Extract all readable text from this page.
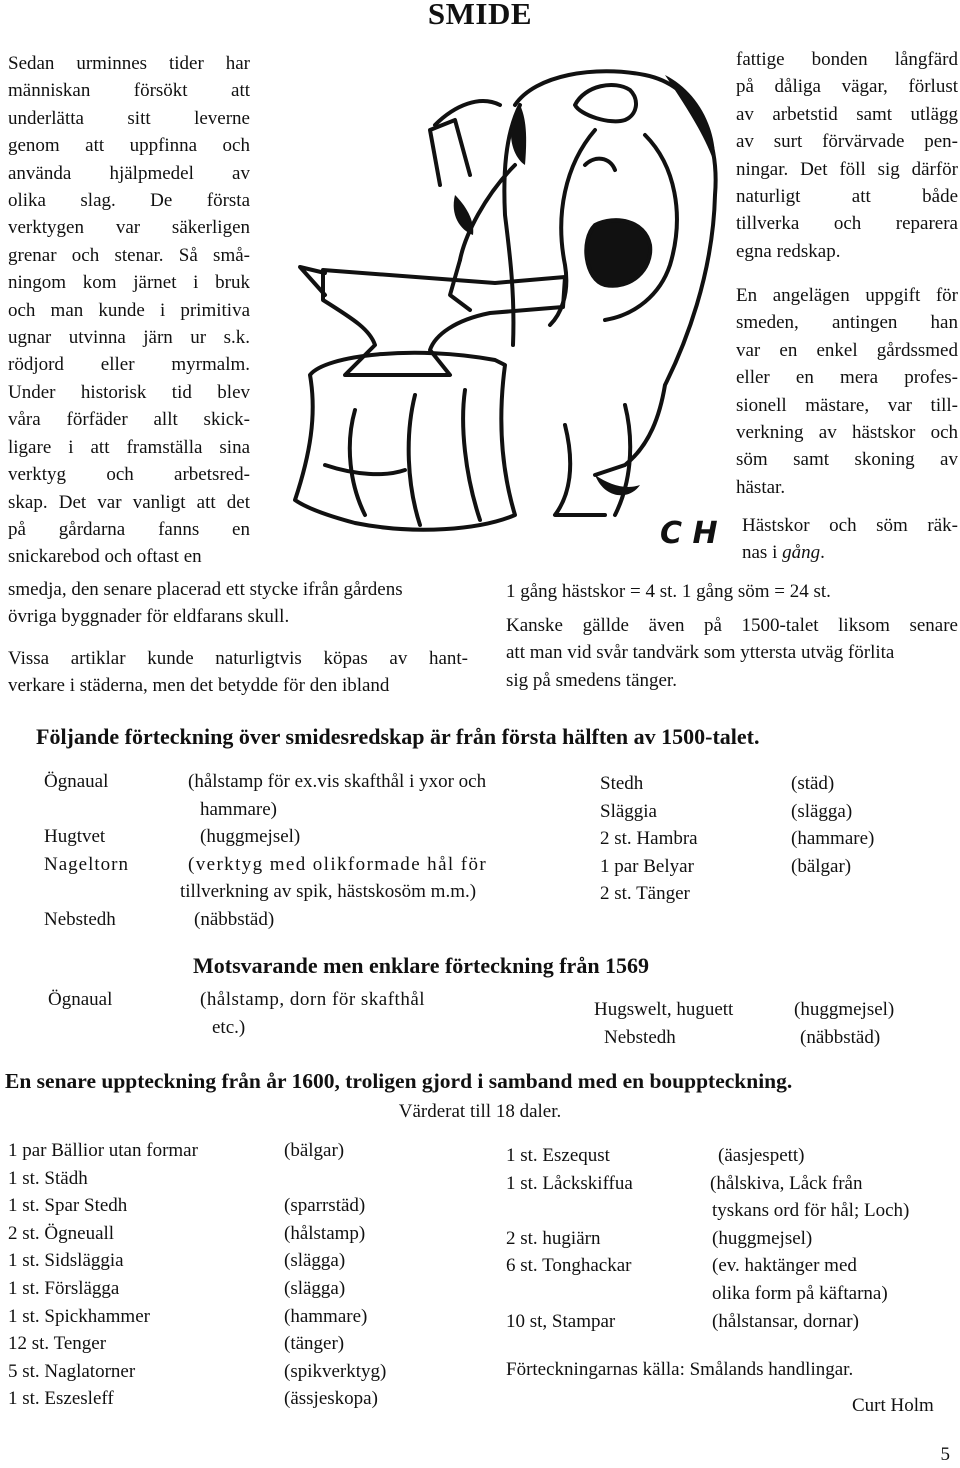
SMIDE
Sedan urminnes tider har
människan försökt att
underlätta sitt leverne
genom att uppfinna och
använda hjälpmedel av
olika slag. De första
verktygen var säkerligen
grenar och stenar. Så små-
ningom kom järnet i bruk
och man kunde i primitiva
ugnar utvinna järn ur s.k.
rödjord eller myrmalm.
Under historisk tid blev
våra förfäder allt skick-
ligare i att framställa sina
verktyg och arbetsred-
skap. Det var vanligt att det
på gårdarna fanns en
snickarebod och oftast en
smedja, den senare placerad ett stycke ifrån gårdens
övriga byggnader för eldfarans skull.
Vissa artiklar kunde naturligtvis köpas av hant-
verkare i städerna, men det betydde för den ibland
C H
fattige bonden långfärd
på dåliga vägar, förlust
av arbetstid samt utlägg
av surt förvärvade pen-
ningar. Det föll sig därför
naturligt att både
tillverka och reparera
egna redskap.
En angelägen uppgift för
smeden, antingen han
var en enkel gårdssmed
eller en mera profes-
sionell mästare, var till-
verkning av hästskor och
söm samt skoning av
hästar.
Hästskor och söm räk-
nas i gång.
1 gång hästskor = 4 st. 1 gång söm = 24 st.
Kanske gällde även på 1500-talet liksom senare
att man vid svår tandvärk som yttersta utväg förlita
sig på smedens tänger.
Följande förteckning över smidesredskap är från första hälften av 1500-talet.
Ögnaual	(hålstamp för ex.vis skafthål i yxor och
hammare)
Hugtvet	(huggmejsel)
Nageltorn	(verktyg med olikformade hål för
tillverkning av spik, hästskosöm m.m.)
Nebstedh	(näbbstäd)
Stedh	(städ)
Släggia	(slägga)
2 st. Hambra	(hammare)
1 par Belyar	(bälgar)
2 st. Tänger
Motsvarande men enklare förteckning från 1569
Ögnaual	(hålstamp, dorn för skafthål
etc.)
Hugswelt, huguett	(huggmejsel)
Nebstedh	(näbbstäd)
En senare uppteckning från år 1600, troligen gjord i samband med en bouppteckning.
Värderat till 18 daler.
1 par Bällior utan formar	(bälgar)
1 st. Städh
1 st. Spar Stedh	(sparrstäd)
2 st. Ögneuall	(hålstamp)
1 st. Sidsläggia	(slägga)
1 st. Förslägga	(slägga)
1 st. Spickhammer	(hammare)
12 st. Tenger	(tänger)
5 st. Naglatorner	(spikverktyg)
1 st. Eszesleff	(ässjeskopa)
1 st. Eszequst	(äasjespett)
1 st. Låckskiffua	(hålskiva, Låck från
tyskans ord för hål; Loch)
2 st. hugiärn	(huggmejsel)
6 st. Tonghackar	(ev. haktänger med
olika form på käftarna)
10 st, Stampar	(hålstansar, dornar)
Förteckningarnas källa: Smålands handlingar.
Curt Holm
5
